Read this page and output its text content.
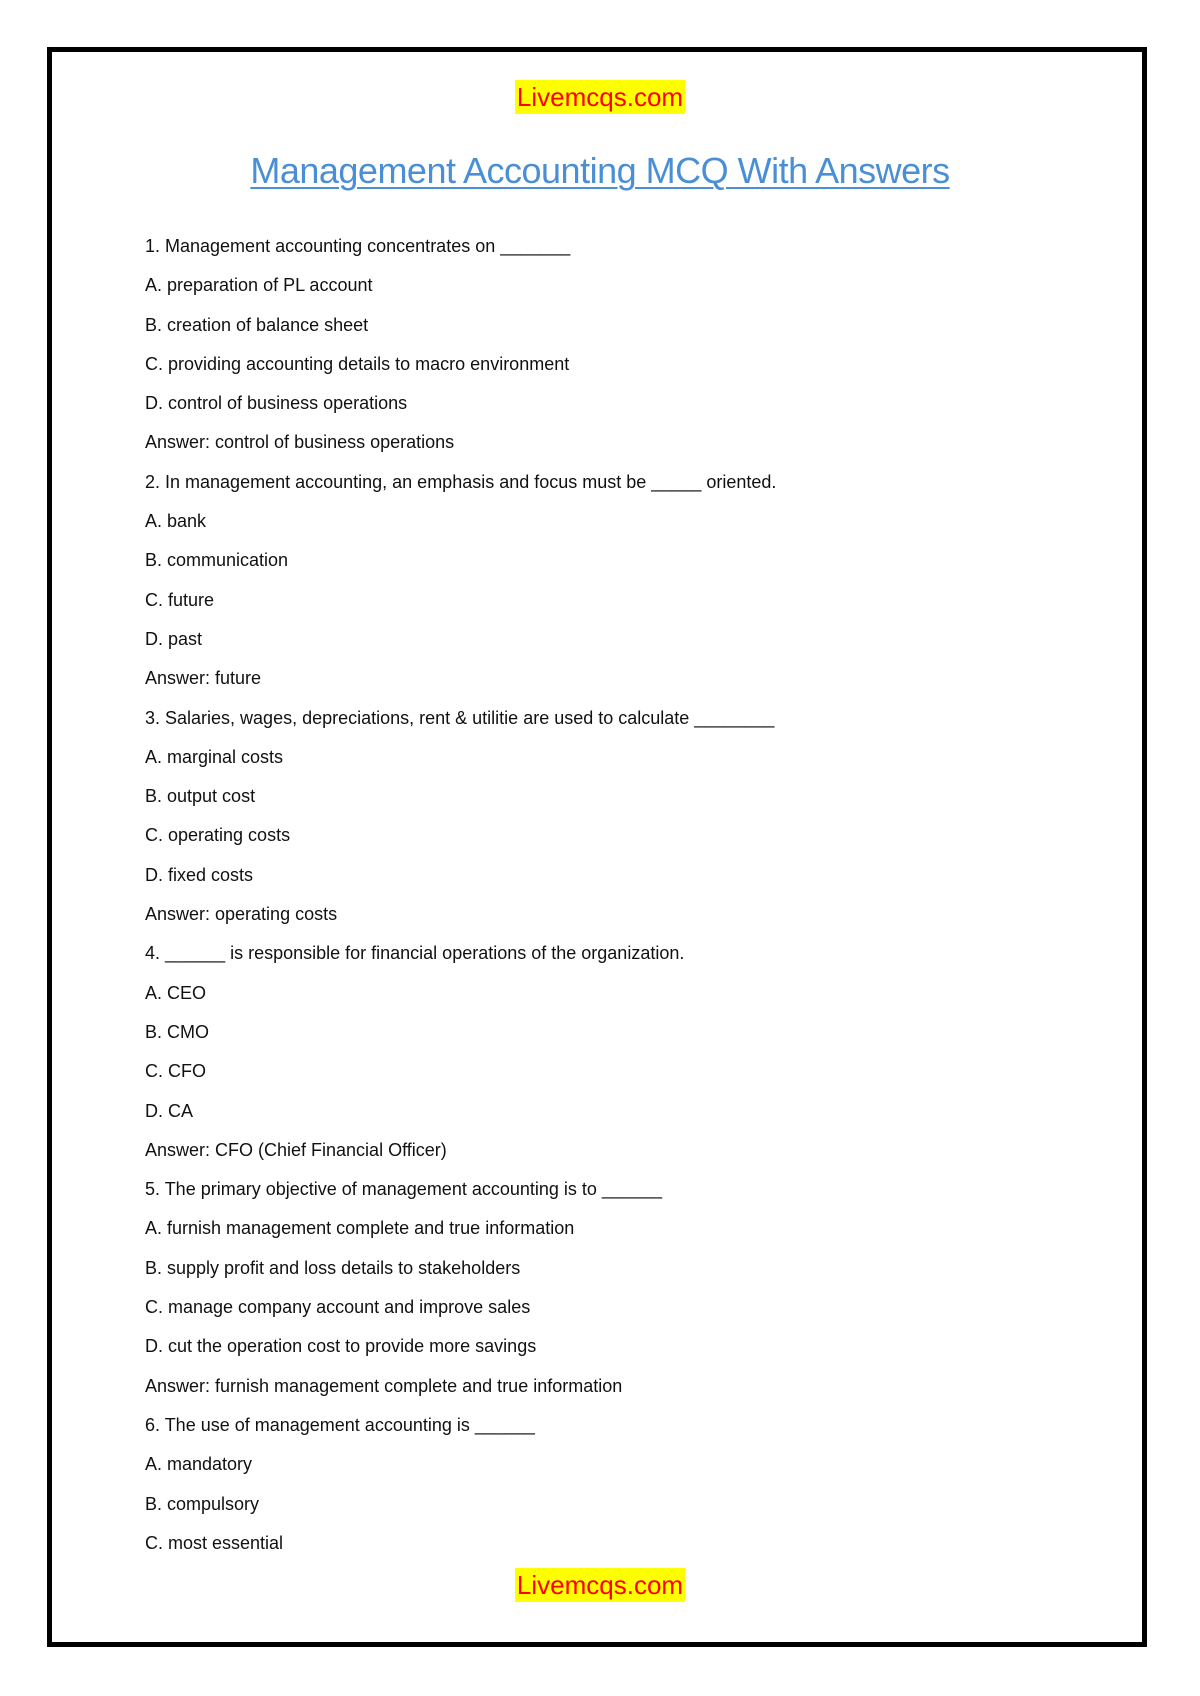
Livemcqs.com
Management Accounting MCQ With Answers
1. Management accounting concentrates on _______
A. preparation of PL account
B. creation of balance sheet
C. providing accounting details to macro environment
D. control of business operations
Answer: control of business operations
2. In management accounting, an emphasis and focus must be _____ oriented.
A. bank
B. communication
C. future
D. past
Answer: future
3. Salaries, wages, depreciations, rent & utilitie are used to calculate ________
A. marginal costs
B. output cost
C. operating costs
D. fixed costs
Answer: operating costs
4. ______ is responsible for financial operations of the organization.
A. CEO
B. CMO
C. CFO
D. CA
Answer: CFO (Chief Financial Officer)
5. The primary objective of management accounting is to ______
A. furnish management complete and true information
B. supply profit and loss details to stakeholders
C. manage company account and improve sales
D. cut the operation cost to provide more savings
Answer: furnish management complete and true information
6. The use of management accounting is ______
A. mandatory
B. compulsory
C. most essential
Livemcqs.com
